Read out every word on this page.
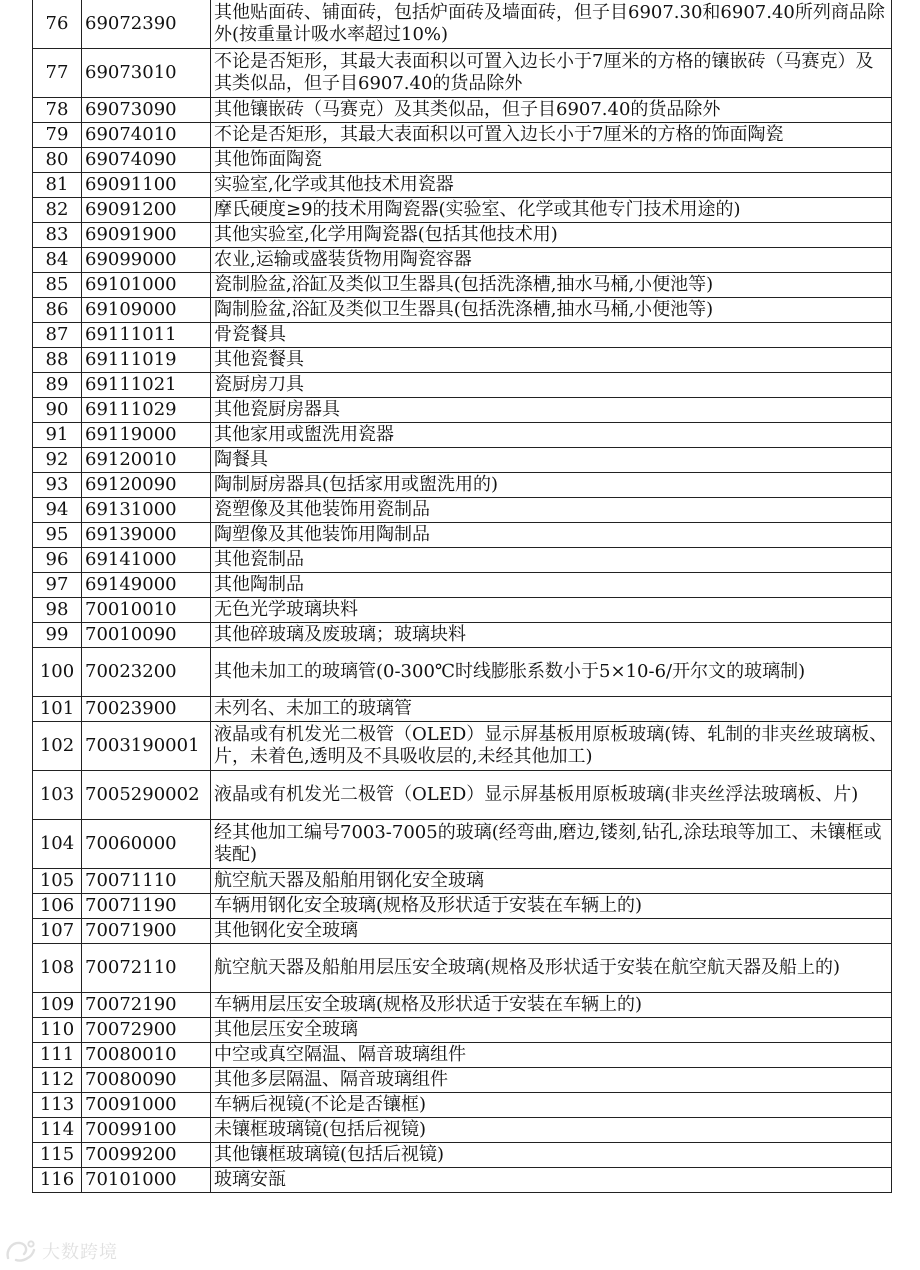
76	69072390	其他贴面砖、铺面砖，包括炉面砖及墙面砖，但子目6907.30和6907.40所列商品除外(按重量计吸水率超过10%)
77	69073010	不论是否矩形，其最大表面积以可置入边长小于7厘米的方格的镶嵌砖（马赛克）及其类似品，但子目6907.40的货品除外
78	69073090	其他镶嵌砖（马赛克）及其类似品，但子目6907.40的货品除外
79	69074010	不论是否矩形，其最大表面积以可置入边长小于7厘米的方格的饰面陶瓷
80	69074090	其他饰面陶瓷
81	69091100	实验室,化学或其他技术用瓷器
82	69091200	摩氏硬度≥9的技术用陶瓷器(实验室、化学或其他专门技术用途的)
83	69091900	其他实验室,化学用陶瓷器(包括其他技术用)
84	69099000	农业,运输或盛装货物用陶瓷容器
85	69101000	瓷制脸盆,浴缸及类似卫生器具(包括洗涤槽,抽水马桶,小便池等)
86	69109000	陶制脸盆,浴缸及类似卫生器具(包括洗涤槽,抽水马桶,小便池等)
87	69111011	骨瓷餐具
88	69111019	其他瓷餐具
89	69111021	瓷厨房刀具
90	69111029	其他瓷厨房器具
91	69119000	其他家用或盥洗用瓷器
92	69120010	陶餐具
93	69120090	陶制厨房器具(包括家用或盥洗用的)
94	69131000	瓷塑像及其他装饰用瓷制品
95	69139000	陶塑像及其他装饰用陶制品
96	69141000	其他瓷制品
97	69149000	其他陶制品
98	70010010	无色光学玻璃块料
99	70010090	其他碎玻璃及废玻璃；玻璃块料
100	70023200	其他未加工的玻璃管(0-300℃时线膨胀系数小于5×10-6/开尔文的玻璃制)
101	70023900	未列名、未加工的玻璃管
102	7003190001	液晶或有机发光二极管（OLED）显示屏基板用原板玻璃(铸、轧制的非夹丝玻璃板、片，未着色,透明及不具吸收层的,未经其他加工)
103	7005290002	液晶或有机发光二极管（OLED）显示屏基板用原板玻璃(非夹丝浮法玻璃板、片)
104	70060000	经其他加工编号7003-7005的玻璃(经弯曲,磨边,镂刻,钻孔,涂珐琅等加工、未镶框或装配)
105	70071110	航空航天器及船舶用钢化安全玻璃
106	70071190	车辆用钢化安全玻璃(规格及形状适于安装在车辆上的)
107	70071900	其他钢化安全玻璃
108	70072110	航空航天器及船舶用层压安全玻璃(规格及形状适于安装在航空航天器及船上的)
109	70072190	车辆用层压安全玻璃(规格及形状适于安装在车辆上的)
110	70072900	其他层压安全玻璃
111	70080010	中空或真空隔温、隔音玻璃组件
112	70080090	其他多层隔温、隔音玻璃组件
113	70091000	车辆后视镜(不论是否镶框)
114	70099100	未镶框玻璃镜(包括后视镜)
115	70099200	其他镶框玻璃镜(包括后视镜)
116	70101000	玻璃安瓿
大数跨境
